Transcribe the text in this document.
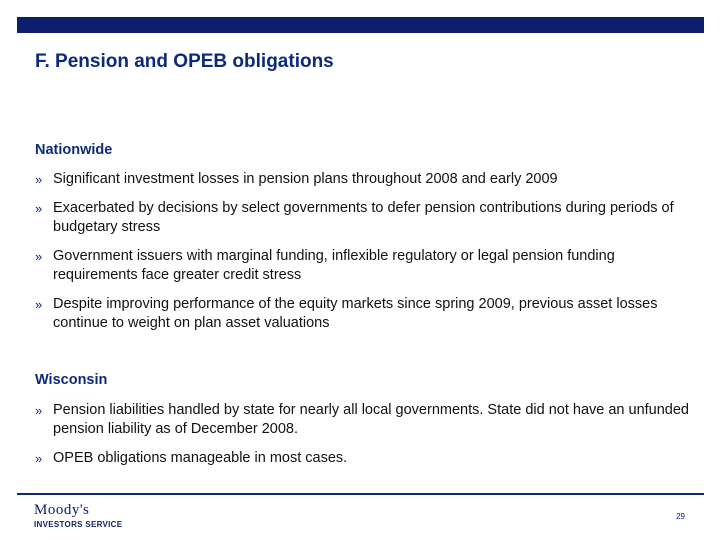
F. Pension and OPEB obligations
Nationwide
» Significant investment losses in pension plans throughout 2008 and early 2009
» Exacerbated by decisions by select governments to defer pension contributions during periods of budgetary stress
» Government issuers with marginal funding, inflexible regulatory or legal pension funding requirements face greater credit stress
» Despite improving performance of the equity markets since spring 2009, previous asset losses continue to weight on plan asset valuations
Wisconsin
» Pension liabilities handled by state for nearly all local governments. State did not have an unfunded pension liability as of December 2008.
» OPEB obligations manageable in most cases.
Moody's
INVESTORS SERVICE
29
